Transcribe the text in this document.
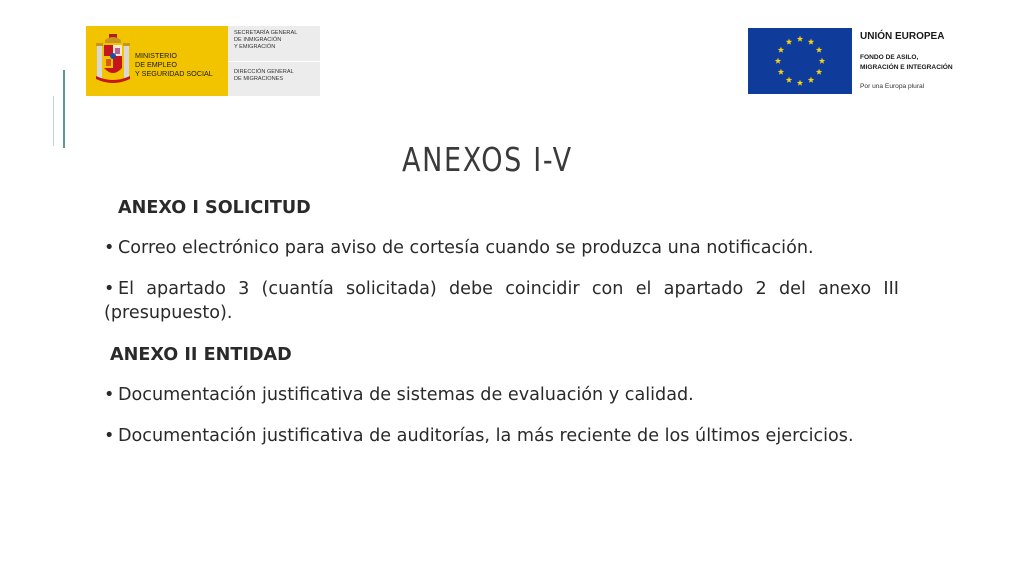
MINISTERIO
DE EMPLEO
Y SEGURIDAD SOCIAL
SECRETARÍA GENERAL
DE INMIGRACIÓN
Y EMIGRACIÓN
DIRECCIÓN GENERAL
DE MIGRACIONES
UNIÓN EUROPEA
FONDO DE ASILO,
MIGRACIÓN E INTEGRACIÓN
Por una Europa plural
ANEXOS I-V

ANEXO I SOLICITUD

• Correo electrónico para aviso de cortesía cuando se produzca una notificación.

• El apartado 3 (cuantía solicitada) debe coincidir con el apartado 2 del anexo III (presupuesto).

ANEXO II ENTIDAD

• Documentación justificativa de sistemas de evaluación y calidad.

• Documentación justificativa de auditorías, la más reciente de los últimos ejercicios.
